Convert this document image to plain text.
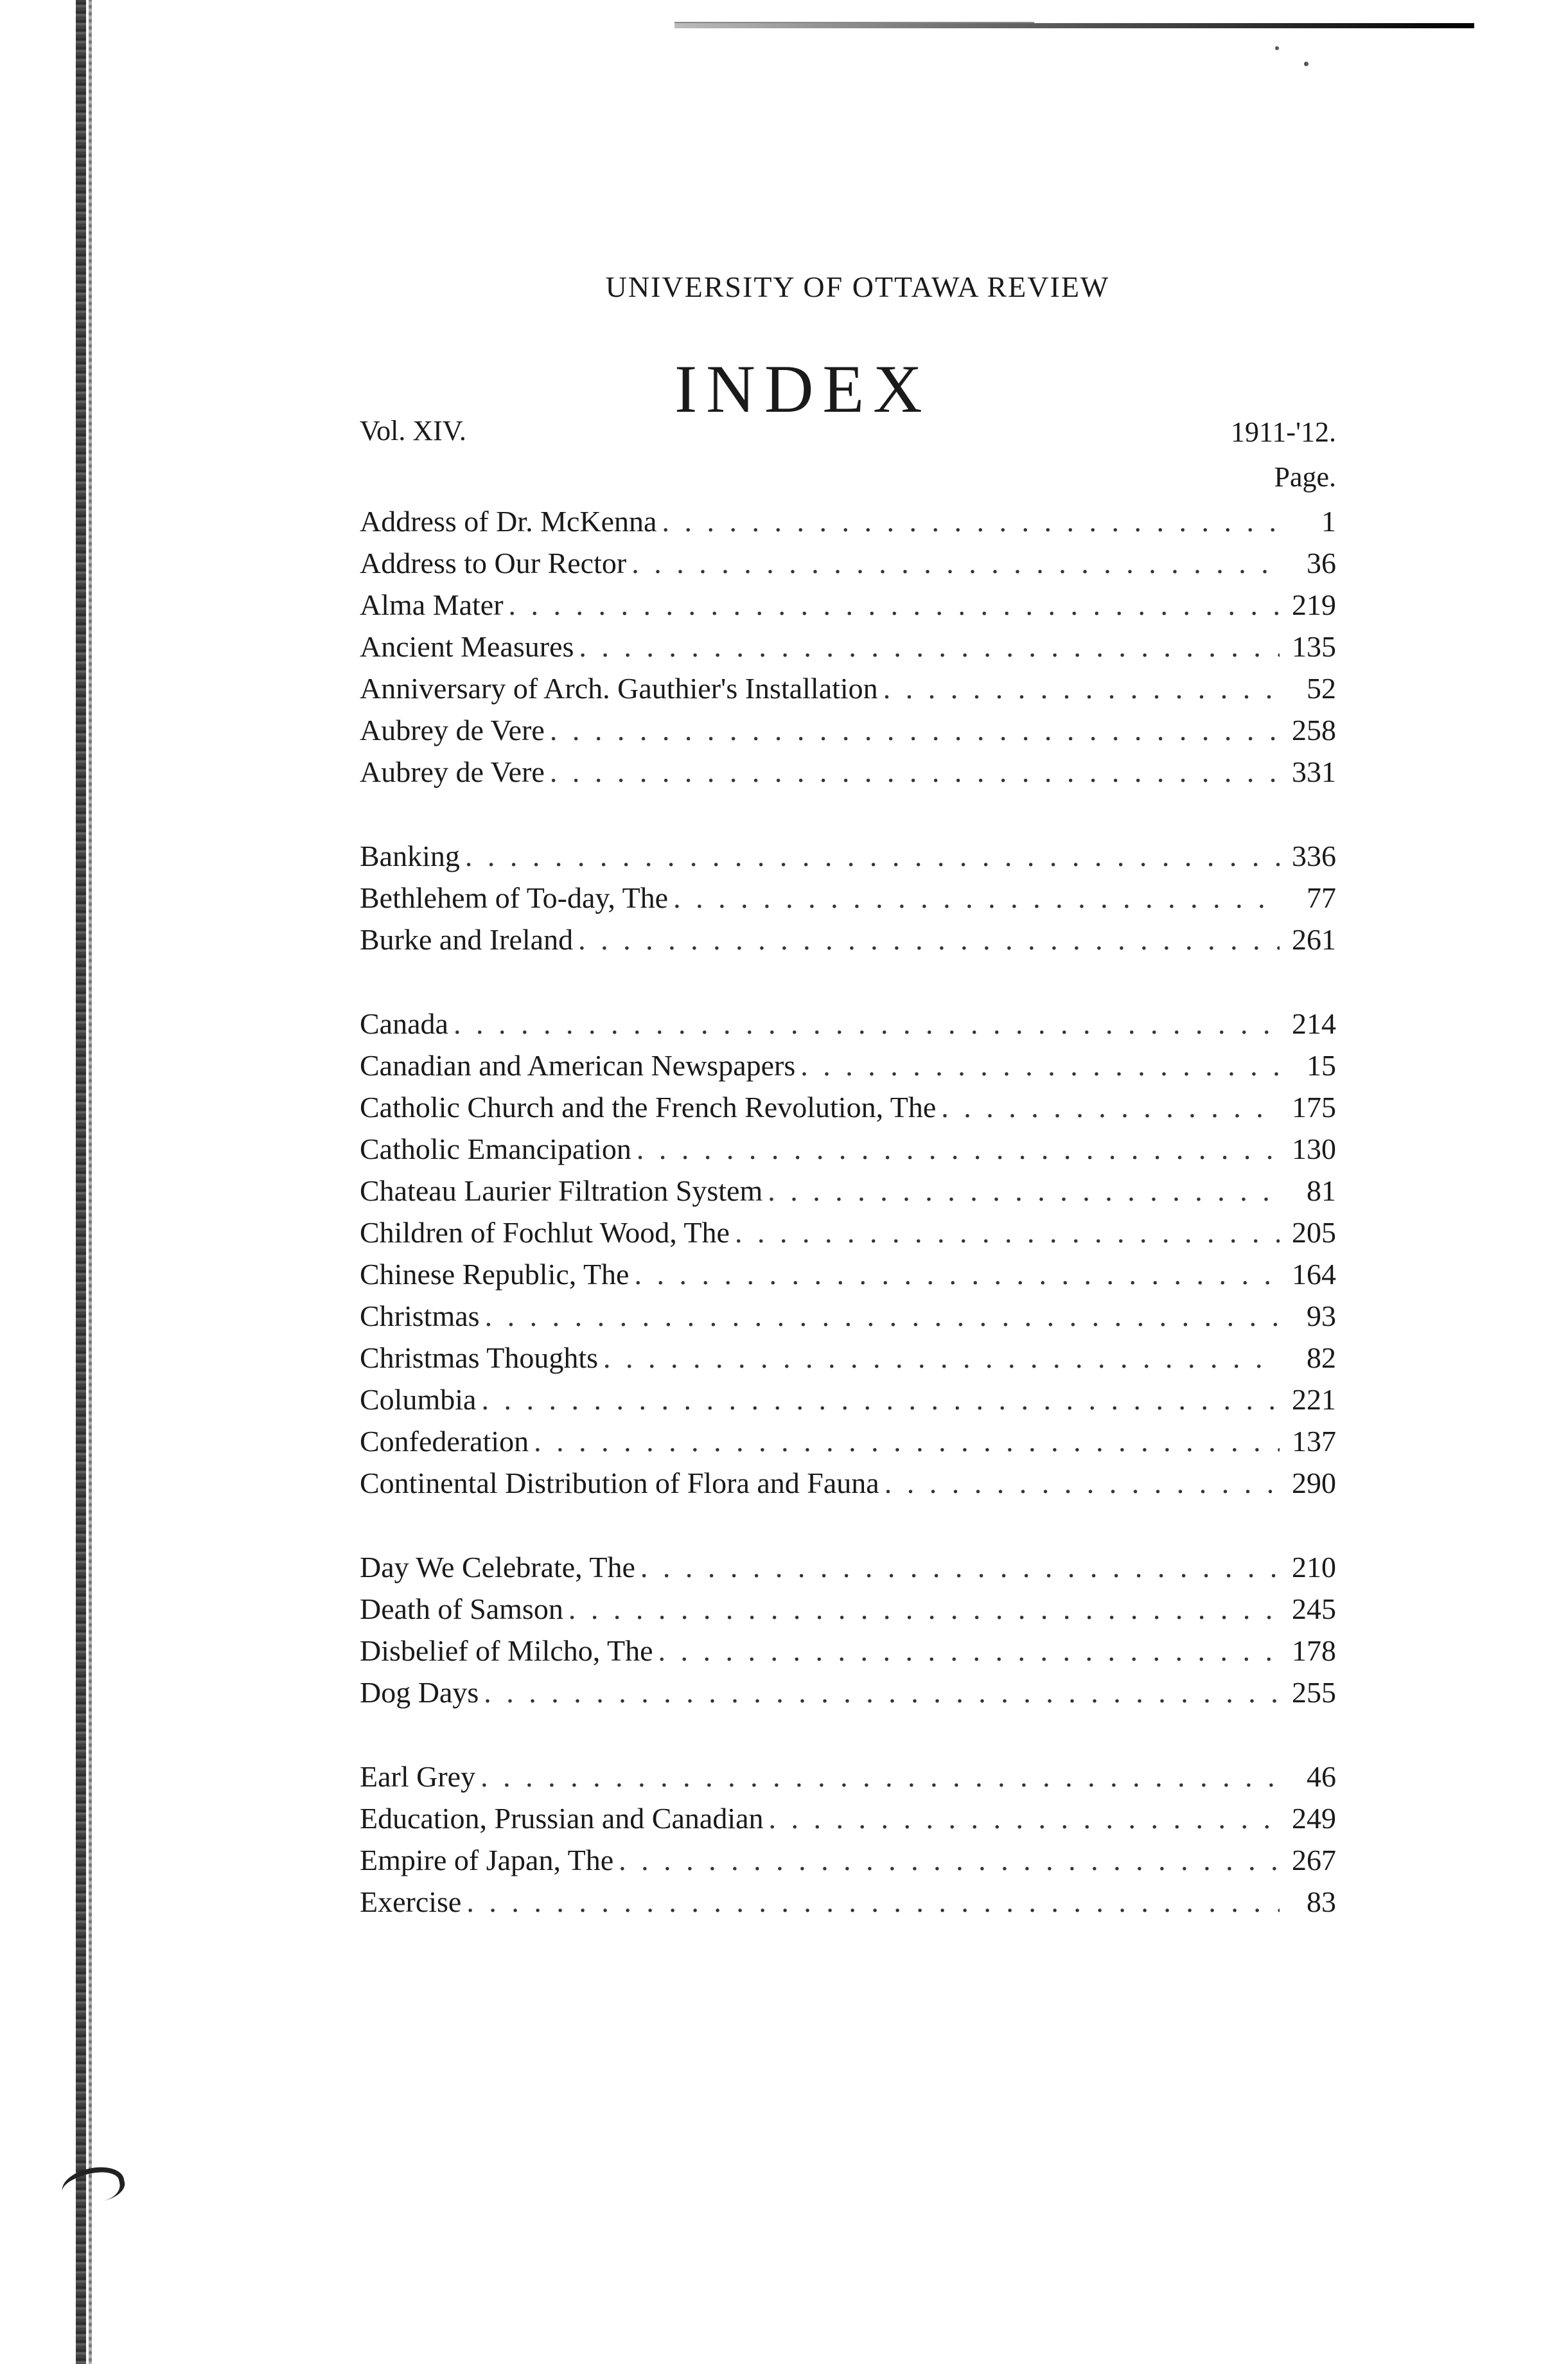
UNIVERSITY OF OTTAWA REVIEW
Vol. XIV.
INDEX
1911-'12.
Page.
Address of Dr. McKenna . . .	1
Address to Our Rector . . .	36
Alma Mater . . .	219
Ancient Measures . . .	135
Anniversary of Arch. Gauthier's Installation . . .	52
Aubrey de Vere . . .	258
Aubrey de Vere . . .	331
Banking . . .	336
Bethlehem of To-day, The . . .	77
Burke and Ireland . . .	261
Canada . . .	214
Canadian and American Newspapers . . .	15
Catholic Church and the French Revolution, The . . .	175
Catholic Emancipation . . .	130
Chateau Laurier Filtration System . . .	81
Children of Fochlut Wood, The . . .	205
Chinese Republic, The . . .	164
Christmas . . .	93
Christmas Thoughts . . .	82
Columbia . . .	221
Confederation . . .	137
Continental Distribution of Flora and Fauna . . .	290
Day We Celebrate, The . . .	210
Death of Samson . . .	245
Disbelief of Milcho, The . . .	178
Dog Days . . .	255
Earl Grey . . .	46
Education, Prussian and Canadian . . .	249
Empire of Japan, The . . .	267
Exercise . . .	83
